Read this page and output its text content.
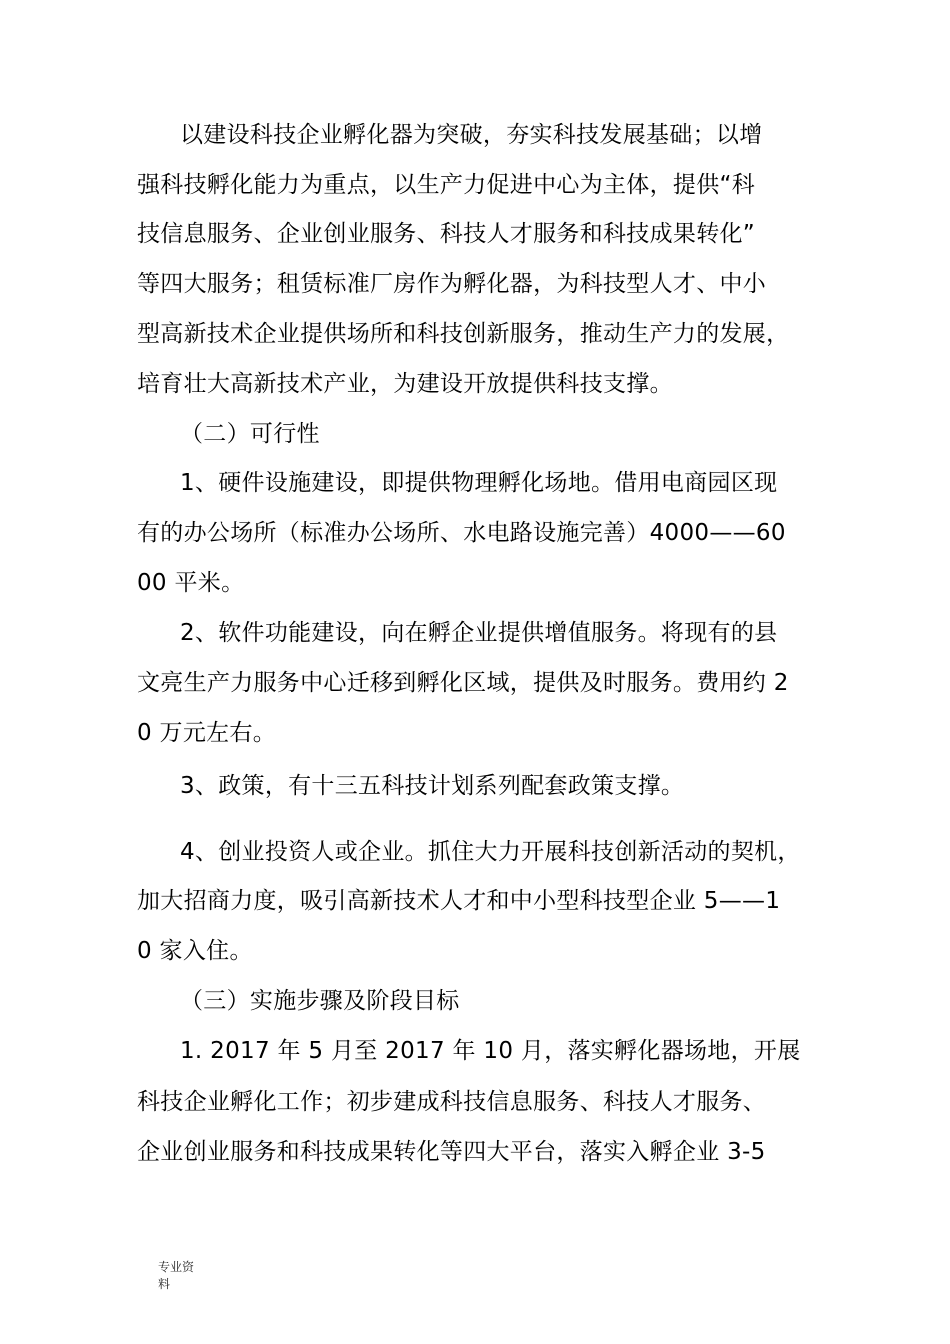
以建设科技企业孵化器为突破，夯实科技发展基础；以增
强科技孵化能力为重点，以生产力促进中心为主体，提供“科
技信息服务、企业创业服务、科技人才服务和科技成果转化”
等四大服务；租赁标准厂房作为孵化器，为科技型人才、中小
型高新技术企业提供场所和科技创新服务，推动生产力的发展，
培育壮大高新技术产业，为建设开放提供科技支撑。
（二）可行性
1、硬件设施建设，即提供物理孵化场地。借用电商园区现
有的办公场所（标准办公场所、水电路设施完善）4000——60
00 平米。
2、软件功能建设，向在孵企业提供增值服务。将现有的县
文亮生产力服务中心迁移到孵化区域，提供及时服务。费用约 2
0 万元左右。
3、政策，有十三五科技计划系列配套政策支撑。
4、创业投资人或企业。抓住大力开展科技创新活动的契机，
加大招商力度，吸引高新技术人才和中小型科技型企业 5——1
0 家入住。
（三）实施步骤及阶段目标
1. 2017 年 5 月至 2017 年 10 月，落实孵化器场地，开展
科技企业孵化工作；初步建成科技信息服务、科技人才服务、
企业创业服务和科技成果转化等四大平台，落实入孵企业 3-5
专业资
料
